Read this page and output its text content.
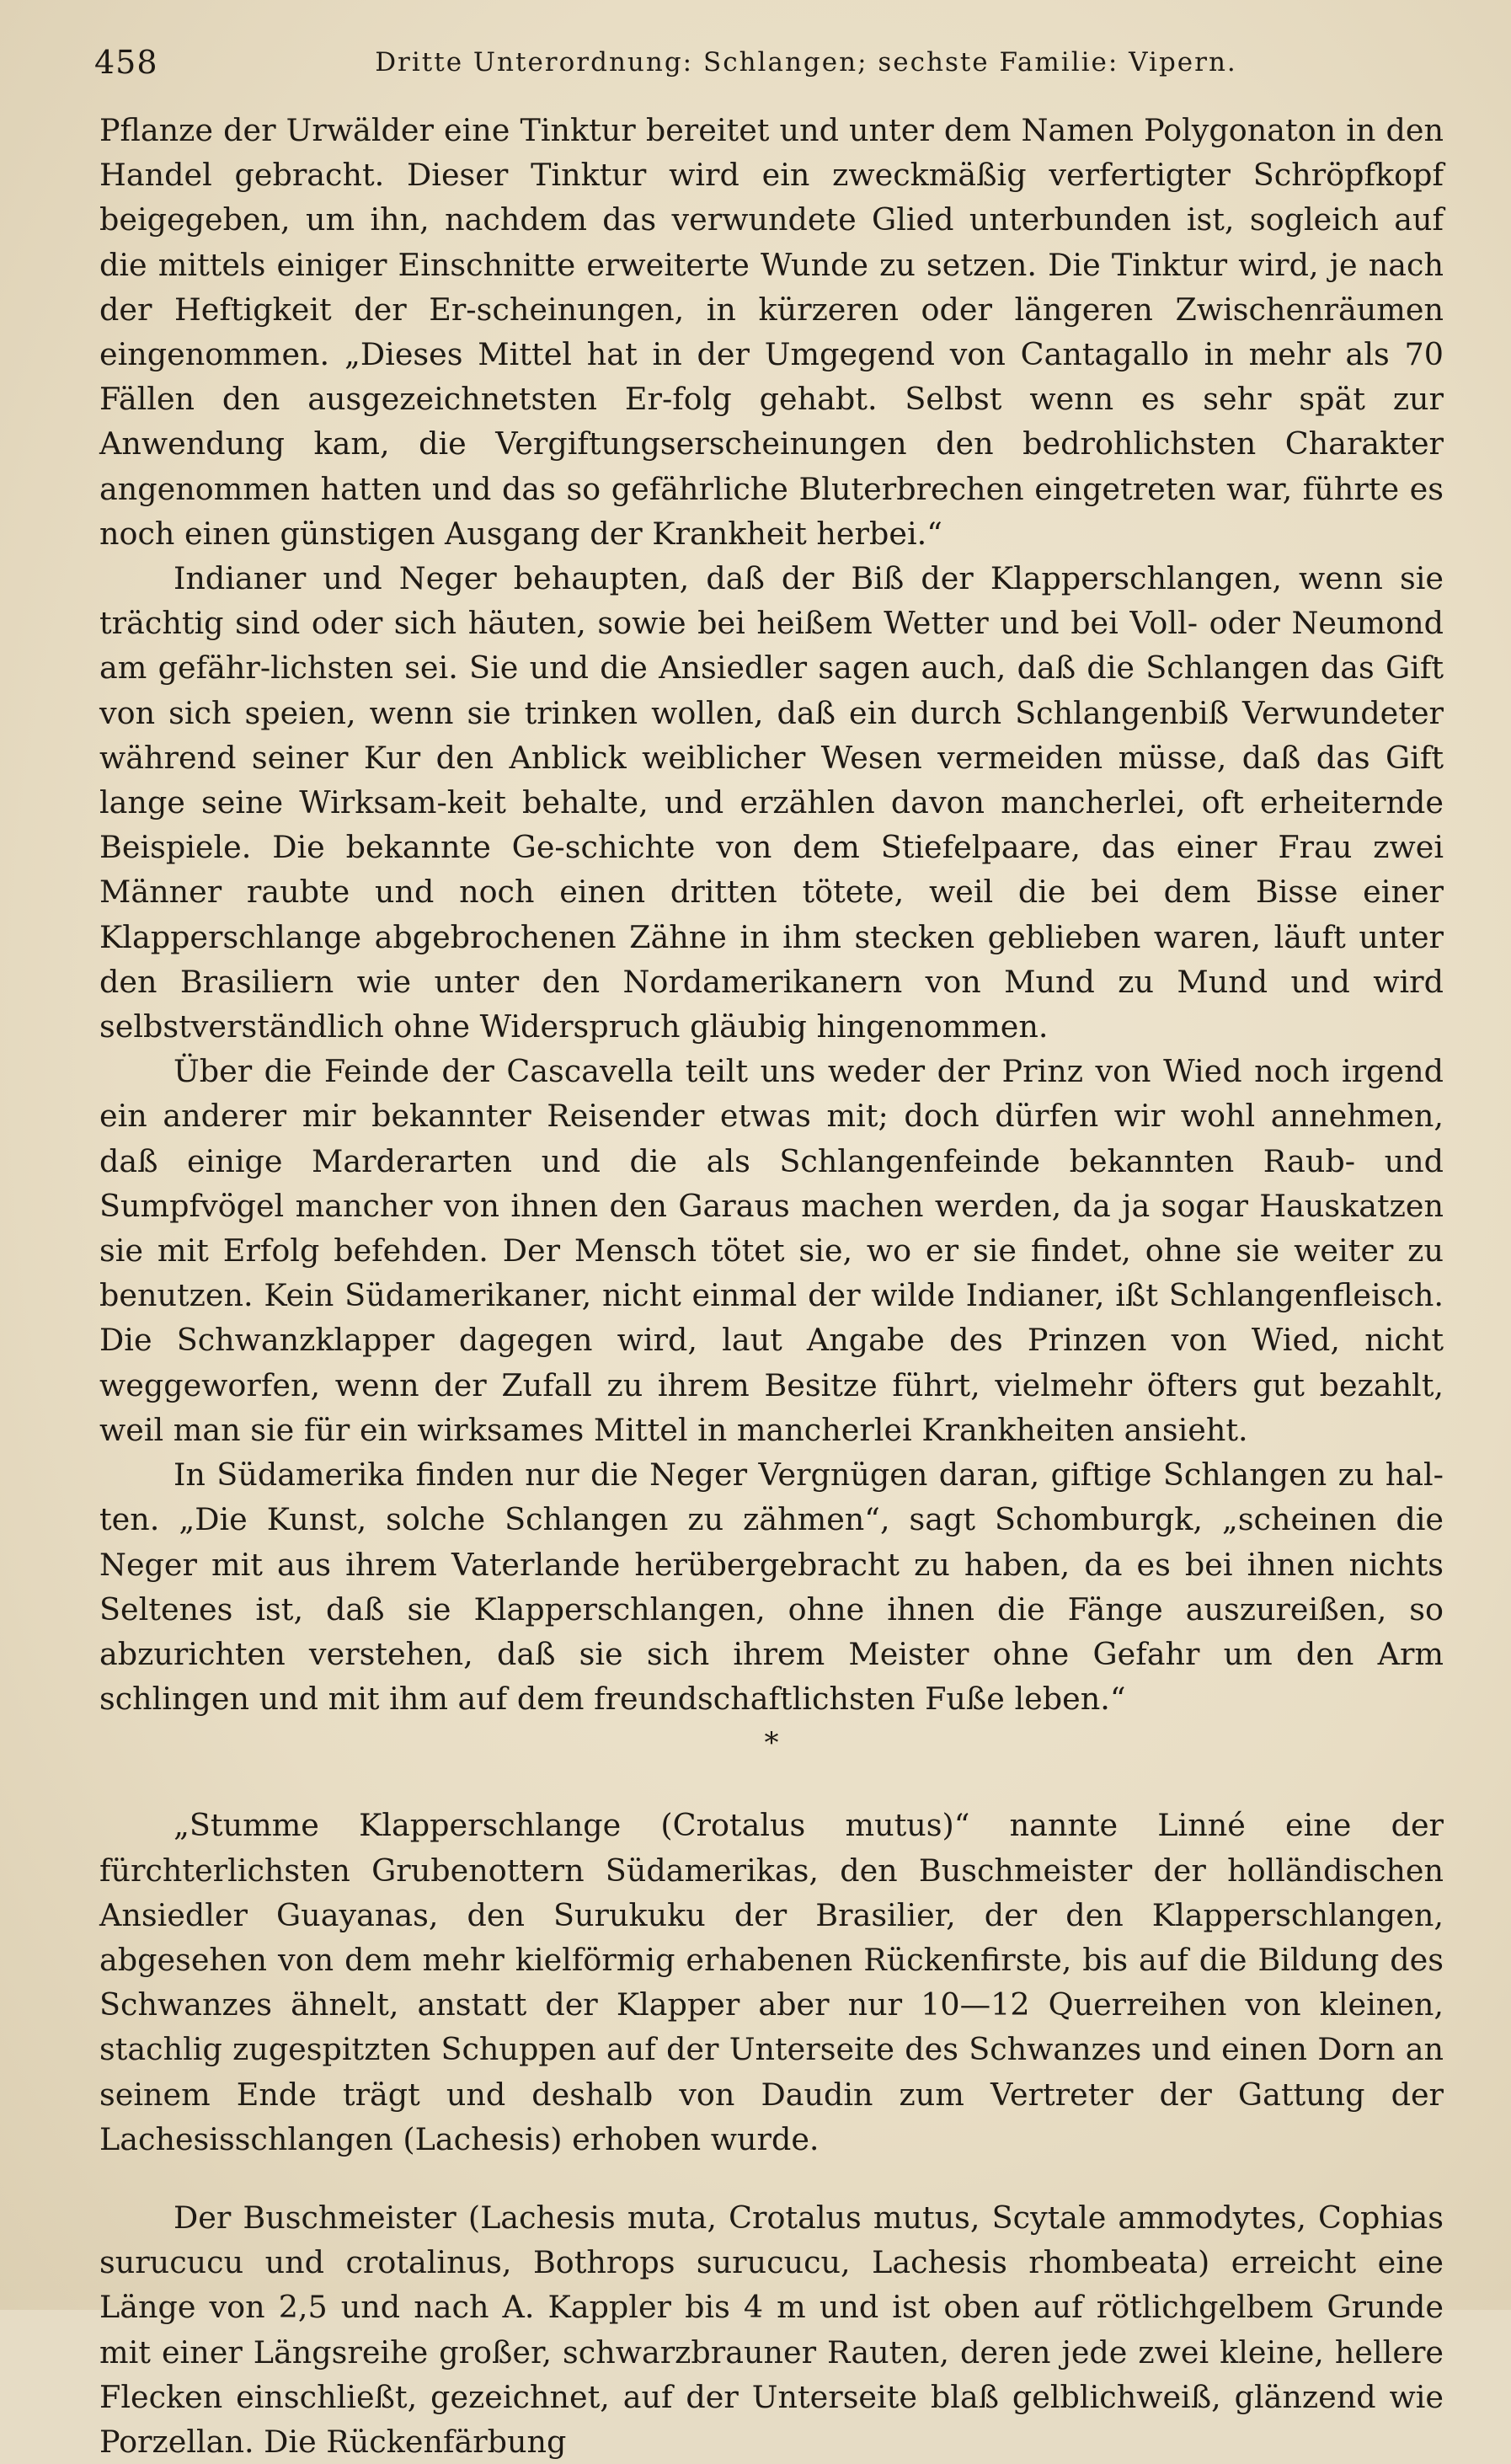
458	Dritte Unterordnung: Schlangen; sechste Familie: Vipern.

Pflanze der Urwälder eine Tinktur bereitet und unter dem Namen Polygonaton in den Handel gebracht. Dieser Tinktur wird ein zweckmäßig verfertigter Schröpfkopf beigegeben, um ihn, nachdem das verwundete Glied unterbunden ist, sogleich auf die mittels einiger Einschnitte erweiterte Wunde zu setzen. Die Tinktur wird, je nach der Heftigkeit der Er-scheinungen, in kürzeren oder längeren Zwischenräumen eingenommen. „Dieses Mittel hat in der Umgegend von Cantagallo in mehr als 70 Fällen den ausgezeichnetsten Er-folg gehabt. Selbst wenn es sehr spät zur Anwendung kam, die Vergiftungserscheinungen den bedrohlichsten Charakter angenommen hatten und das so gefährliche Bluterbrechen eingetreten war, führte es noch einen günstigen Ausgang der Krankheit herbei.“

Indianer und Neger behaupten, daß der Biß der Klapperschlangen, wenn sie trächtig sind oder sich häuten, sowie bei heißem Wetter und bei Voll- oder Neumond am gefähr-lichsten sei. Sie und die Ansiedler sagen auch, daß die Schlangen das Gift von sich speien, wenn sie trinken wollen, daß ein durch Schlangenbiß Verwundeter während seiner Kur den Anblick weiblicher Wesen vermeiden müsse, daß das Gift lange seine Wirksam-keit behalte, und erzählen davon mancherlei, oft erheiternde Beispiele. Die bekannte Ge-schichte von dem Stiefelpaare, das einer Frau zwei Männer raubte und noch einen dritten tötete, weil die bei dem Bisse einer Klapperschlange abgebrochenen Zähne in ihm stecken geblieben waren, läuft unter den Brasiliern wie unter den Nordamerikanern von Mund zu Mund und wird selbstverständlich ohne Widerspruch gläubig hingenommen.

Über die Feinde der Cascavella teilt uns weder der Prinz von Wied noch irgend ein anderer mir bekannter Reisender etwas mit; doch dürfen wir wohl annehmen, daß einige Marderarten und die als Schlangenfeinde bekannten Raub- und Sumpfvögel mancher von ihnen den Garaus machen werden, da ja sogar Hauskatzen sie mit Erfolg befehden. Der Mensch tötet sie, wo er sie findet, ohne sie weiter zu benutzen. Kein Südamerikaner, nicht einmal der wilde Indianer, ißt Schlangenfleisch. Die Schwanzklapper dagegen wird, laut Angabe des Prinzen von Wied, nicht weggeworfen, wenn der Zufall zu ihrem Besitze führt, vielmehr öfters gut bezahlt, weil man sie für ein wirksames Mittel in mancherlei Krankheiten ansieht.

In Südamerika finden nur die Neger Vergnügen daran, giftige Schlangen zu hal-ten. „Die Kunst, solche Schlangen zu zähmen“, sagt Schomburgk, „scheinen die Neger mit aus ihrem Vaterlande herübergebracht zu haben, da es bei ihnen nichts Seltenes ist, daß sie Klapperschlangen, ohne ihnen die Fänge auszureißen, so abzurichten verstehen, daß sie sich ihrem Meister ohne Gefahr um den Arm schlingen und mit ihm auf dem freundschaftlichsten Fuße leben.“

*

„Stumme Klapperschlange (Crotalus mutus)“ nannte Linné eine der fürchterlichsten Grubenottern Südamerikas, den Buschmeister der holländischen Ansiedler Guayanas, den Surukuku der Brasilier, der den Klapperschlangen, abgesehen von dem mehr kielförmig erhabenen Rückenfirste, bis auf die Bildung des Schwanzes ähnelt, anstatt der Klapper aber nur 10—12 Querreihen von kleinen, stachlig zugespitzten Schuppen auf der Unterseite des Schwanzes und einen Dorn an seinem Ende trägt und deshalb von Daudin zum Vertreter der Gattung der Lachesisschlangen (Lachesis) erhoben wurde.

Der Buschmeister (Lachesis muta, Crotalus mutus, Scytale ammodytes, Cophias surucucu und crotalinus, Bothrops surucucu, Lachesis rhombeata) erreicht eine Länge von 2,5 und nach A. Kappler bis 4 m und ist oben auf rötlichgelbem Grunde mit einer Längsreihe großer, schwarzbrauner Rauten, deren jede zwei kleine, hellere Flecken einschließt, gezeichnet, auf der Unterseite blaß gelblichweiß, glänzend wie Porzellan. Die Rückenfärbung
